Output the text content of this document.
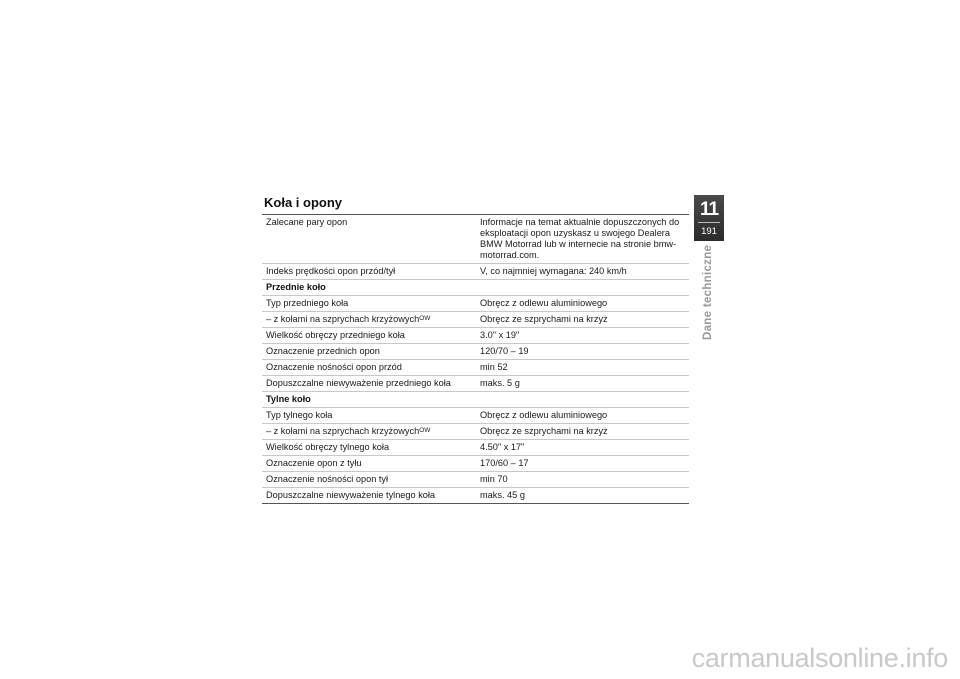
Koła i opony
Zalecane pary opon	Informacje na temat aktualnie dopuszczonych do eksploatacji opon uzyskasz u swojego Dealera BMW Motorrad lub w internecie na stronie bmw-motorrad.com.
Indeks prędkości opon przód/tył	V, co najmniej wymagana: 240 km/h
Przednie koło	
Typ przedniego koła	Obręcz z odlewu aluminiowego
– z kołami na szprychach krzyżowych$^{OW}$	Obręcz ze szprychami na krzyż
Wielkość obręczy przedniego koła	3.0" x 19"
Oznaczenie przednich opon	120/70 – 19
Oznaczenie nośności opon przód	min 52
Dopuszczalne niewyważenie przedniego koła	maks. 5 g
Tylne koło	
Typ tylnego koła	Obręcz z odlewu aluminiowego
– z kołami na szprychach krzyżowych$^{OW}$	Obręcz ze szprychami na krzyż
Wielkość obręczy tylnego koła	4.50" x 17"
Oznaczenie opon z tyłu	170/60 – 17
Oznaczenie nośności opon tył	min 70
Dopuszczalne niewyważenie tylnego koła	maks. 45 g
11
191
Dane techniczne
carmanualsonline.info
